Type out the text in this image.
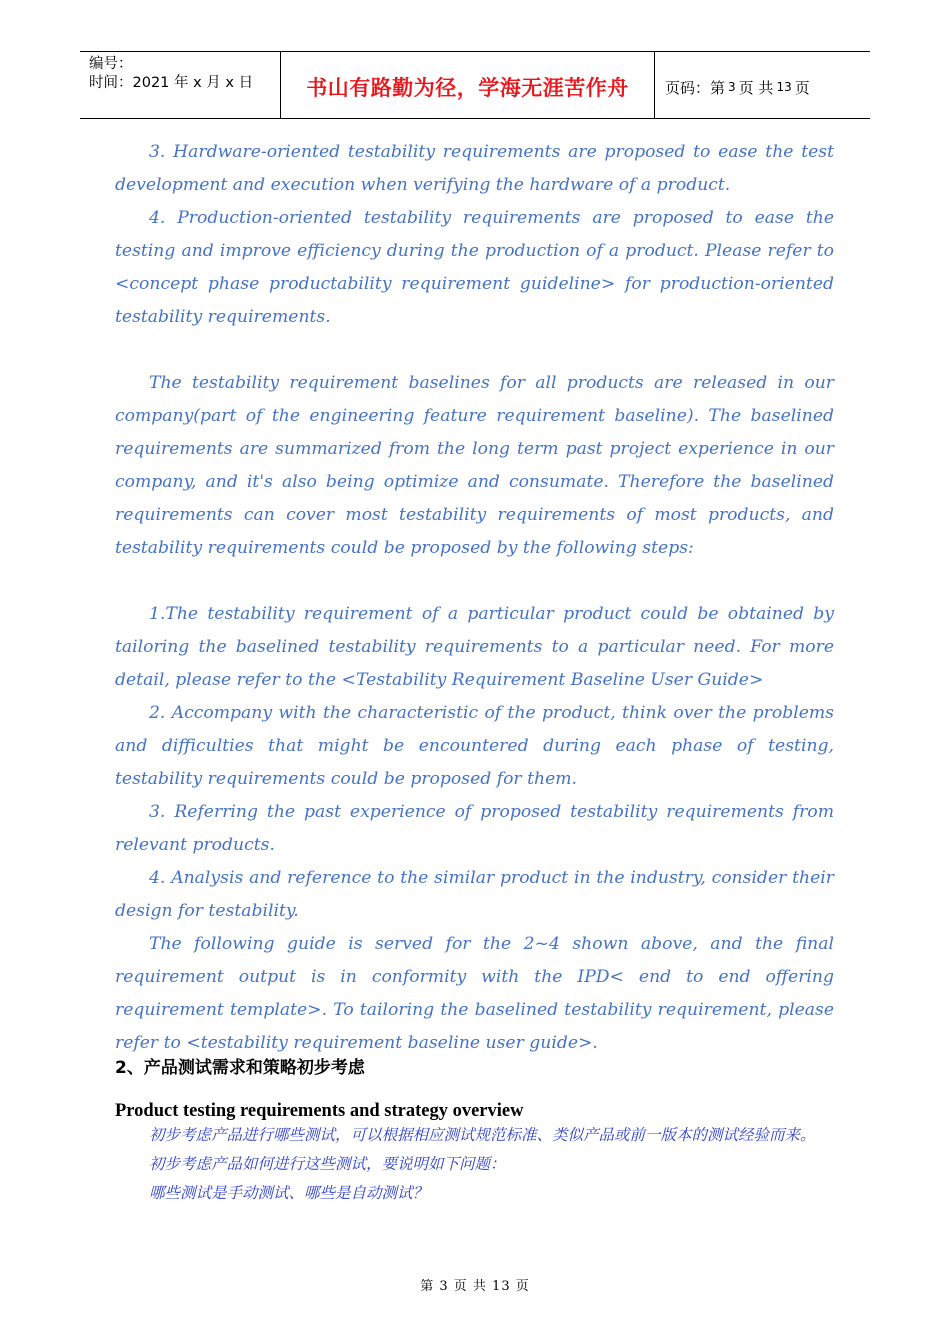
编号：
时间：2021 年 x 月 x 日	书山有路勤为径，学海无涯苦作舟	页码：第 3 页 共 13 页

3. Hardware-oriented testability requirements are proposed to ease the test development and execution when verifying the hardware of a product.

4. Production-oriented testability requirements are proposed to ease the testing and improve efficiency during the production of a product. Please refer to <concept phase productability requirement guideline> for production-oriented testability requirements.

The testability requirement baselines for all products are released in our company(part of the engineering feature requirement baseline). The baselined requirements are summarized from the long term past project experience in our company, and it's also being optimize and consumate. Therefore the baselined requirements can cover most testability requirements of most products, and testability requirements could be proposed by the following steps:

1.The testability requirement of a particular product could be obtained by tailoring the baselined testability requirements to a particular need. For more detail, please refer to the <Testability Requirement Baseline User Guide>

2. Accompany with the characteristic of the product, think over the problems and difficulties that might be encountered during each phase of testing, testability requirements could be proposed for them.

3. Referring the past experience of proposed testability requirements from relevant products.

4. Analysis and reference to the similar product in the industry, consider their design for testability.

The following guide is served for the 2~4 shown above, and the final requirement output is in conformity with the IPD< end to end offering requirement template>. To tailoring the baselined testability requirement, please refer to <testability requirement baseline user guide>.

2、产品测试需求和策略初步考虑
Product testing requirements and strategy overview

初步考虑产品进行哪些测试，可以根据相应测试规范标准、类似产品或前一版本的测试经验而来。

初步考虑产品如何进行这些测试，要说明如下问题：

哪些测试是手动测试、哪些是自动测试？

第 3 页 共 13 页
